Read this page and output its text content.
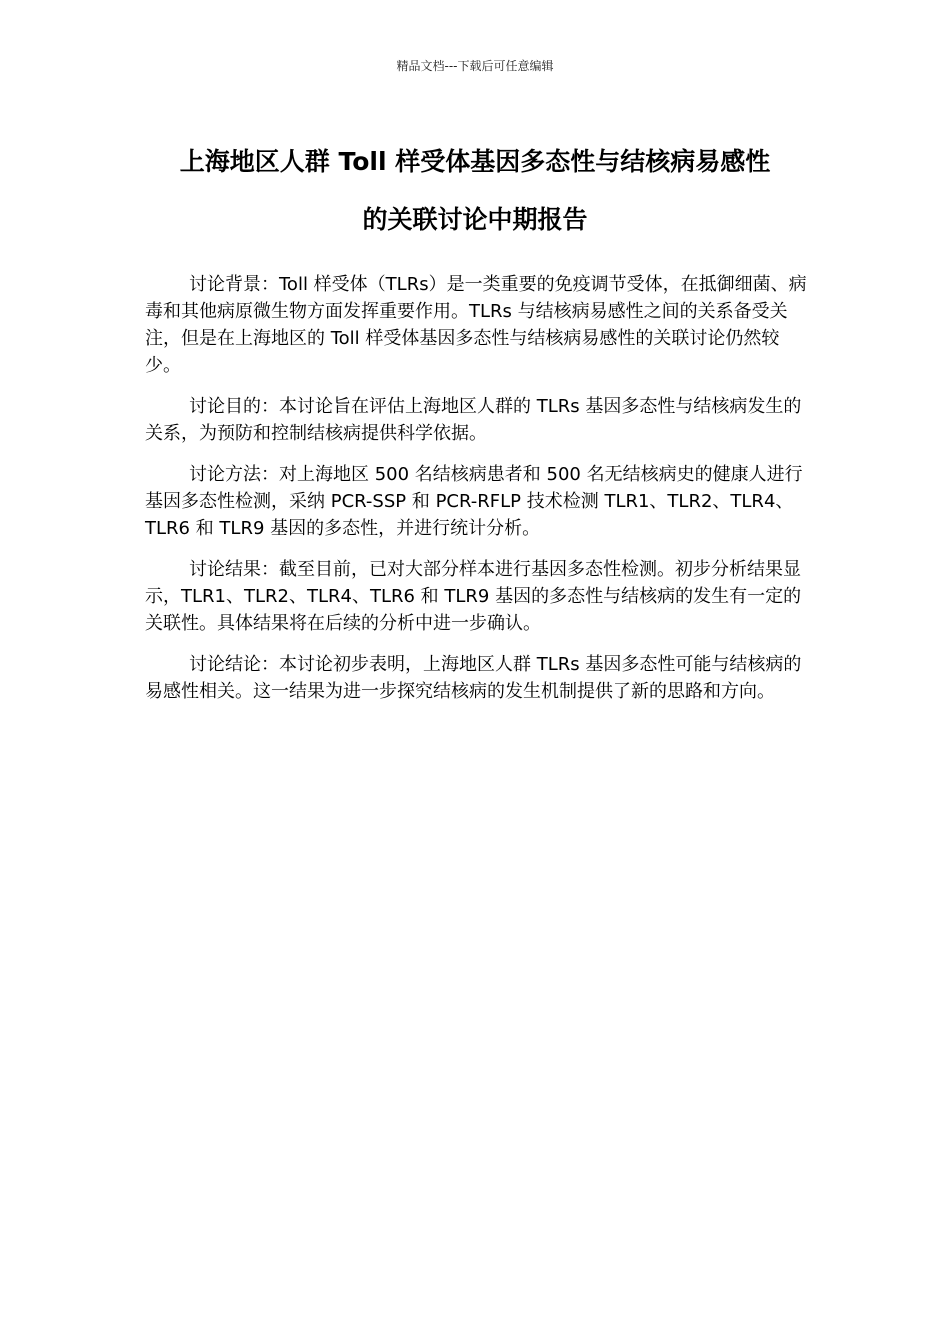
精品文档---下载后可任意编辑
上海地区人群 Toll 样受体基因多态性与结核病易感性
的关联讨论中期报告

讨论背景：Toll 样受体（TLRs）是一类重要的免疫调节受体，在抵御细菌、病毒和其他病原微生物方面发挥重要作用。TLRs 与结核病易感性之间的关系备受关注，但是在上海地区的 Toll 样受体基因多态性与结核病易感性的关联讨论仍然较少。

讨论目的：本讨论旨在评估上海地区人群的 TLRs 基因多态性与结核病发生的关系，为预防和控制结核病提供科学依据。

讨论方法：对上海地区 500 名结核病患者和 500 名无结核病史的健康人进行基因多态性检测，采纳 PCR-SSP 和 PCR-RFLP 技术检测 TLR1、TLR2、TLR4、TLR6 和 TLR9 基因的多态性，并进行统计分析。

讨论结果：截至目前，已对大部分样本进行基因多态性检测。初步分析结果显示，TLR1、TLR2、TLR4、TLR6 和 TLR9 基因的多态性与结核病的发生有一定的关联性。具体结果将在后续的分析中进一步确认。

讨论结论：本讨论初步表明，上海地区人群 TLRs 基因多态性可能与结核病的易感性相关。这一结果为进一步探究结核病的发生机制提供了新的思路和方向。
